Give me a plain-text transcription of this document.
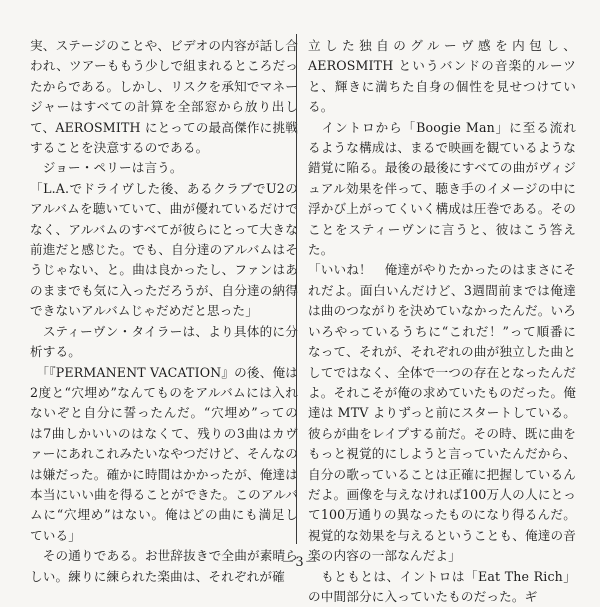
実、ステージのことや、ビデオの内容が話し合われ、ツアーももう少しで組まれるところだったからである。しかし、リスクを承知でマネージャーはすべての計算を全部窓から放り出して、AEROSMITH にとっての最高傑作に挑戦することを決意するのである。

　ジョー・ペリーは言う。

「L.A.でドライヴした後、あるクラブでU2のアルバムを聴いていて、曲が優れているだけでなく、アルバムのすべてが彼らにとって大きな前進だと感じた。でも、自分達のアルバムはそうじゃない、と。曲は良かったし、ファンはあのままでも気に入っただろうが、自分達の納得できないアルバムじゃだめだと思った」

　スティーヴン・タイラーは、より具体的に分析する。

　「『PERMANENT VACATION』の後、俺は2度と“穴埋め”なんてものをアルバムには入れないぞと自分に誓ったんだ。“穴埋め”ってのは7曲しかいいのはなくて、残りの3曲はカヴァーにあれこれみたいなやつだけど、そんなのは嫌だった。確かに時間はかかったが、俺達は本当にいい曲を得ることができた。このアルバムに“穴埋め”はない。俺はどの曲にも満足している」

　その通りである。お世辞抜きで全曲が素晴らしい。練りに練られた楽曲は、それぞれが確

立した独自のグルーヴ感を内包し、AEROSMITH というバンドの音楽的ルーツと、輝きに満ちた自身の個性を見せつけている。

　イントロから「Boogie Man」に至る流れるような構成は、まるで映画を観ているような錯覚に陥る。最後の最後にすべての曲がヴィジュアル効果を伴って、聴き手のイメージの中に浮かび上がってくいく構成は圧巻である。そのことをスティーヴンに言うと、彼はこう答えた。

「いいね！　俺達がやりたかったのはまさにそれだよ。面白いんだけど、3週間前までは俺達は曲のつながりを決めていなかったんだ。いろいろやっているうちに“これだ！”って順番になって、それが、それぞれの曲が独立した曲としてではなく、全体で一つの存在となったんだよ。それこそが俺の求めていたものだった。俺達は MTV よりずっと前にスタートしている。彼らが曲をレイプする前だ。その時、既に曲をもっと視覚的にしようと言っていたんだから、自分の歌っていることは正確に把握しているんだよ。画像を与えなければ100万人の人にとって100万通りの異なったものになり得るんだ。視覚的な効果を与えるということも、俺達の音楽の内容の一部なんだよ」

　もともとは、イントロは「Eat The Rich」の中間部分に入っていたものだった。ギ

－3－
